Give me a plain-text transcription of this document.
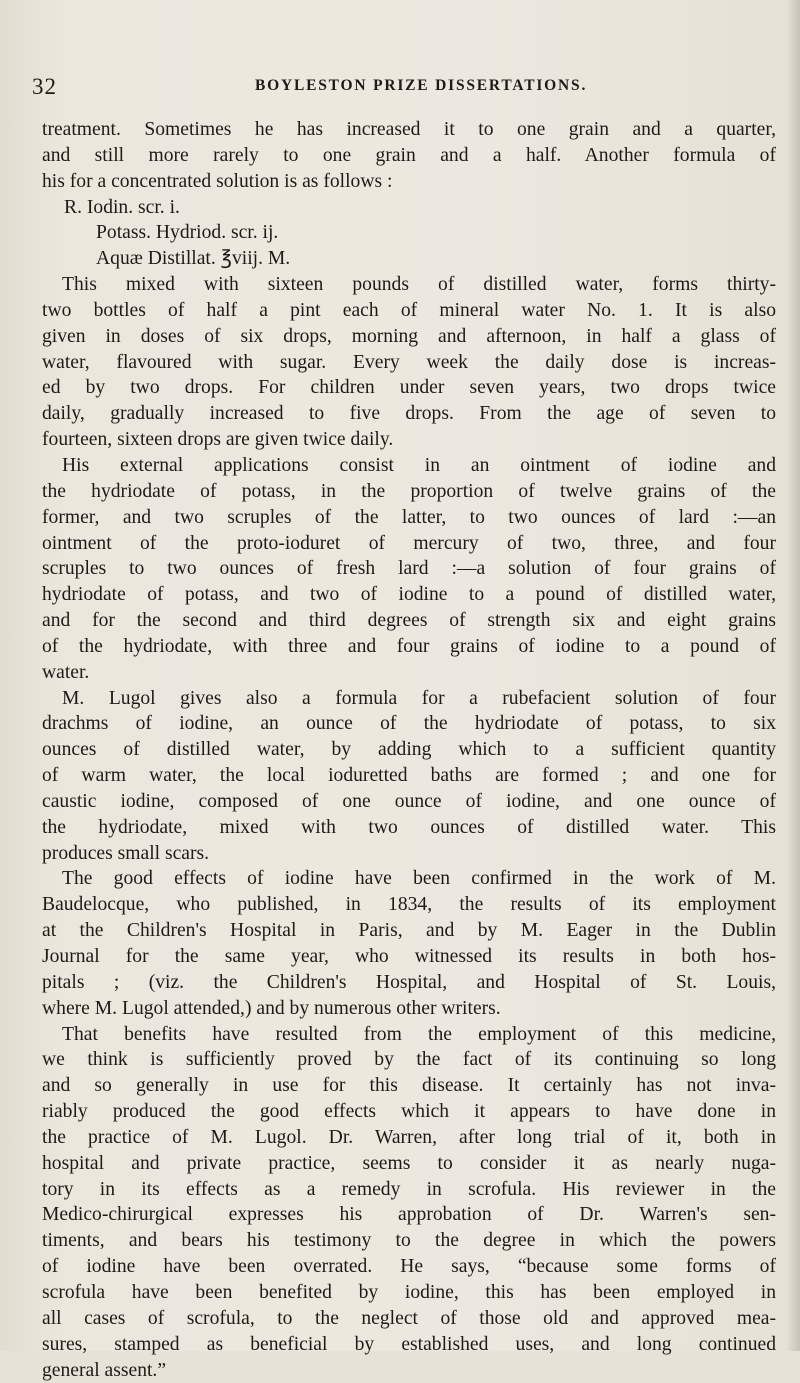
32	BOYLESTON PRIZE DISSERTATIONS.
treatment. Sometimes he has increased it to one grain and a quarter,
and still more rarely to one grain and a half. Another formula of
his for a concentrated solution is as follows :
R. Iodin. scr. i.
Potass. Hydriod. scr. ij.
Aquæ Distillat. ℥viij. M.
This mixed with sixteen pounds of distilled water, forms thirty-
two bottles of half a pint each of mineral water No. 1. It is also
given in doses of six drops, morning and afternoon, in half a glass of
water, flavoured with sugar. Every week the daily dose is increas-
ed by two drops. For children under seven years, two drops twice
daily, gradually increased to five drops. From the age of seven to
fourteen, sixteen drops are given twice daily.
His external applications consist in an ointment of iodine and
the hydriodate of potass, in the proportion of twelve grains of the
former, and two scruples of the latter, to two ounces of lard :—an
ointment of the proto-ioduret of mercury of two, three, and four
scruples to two ounces of fresh lard :—a solution of four grains of
hydriodate of potass, and two of iodine to a pound of distilled water,
and for the second and third degrees of strength six and eight grains
of the hydriodate, with three and four grains of iodine to a pound of
water.
M. Lugol gives also a formula for a rubefacient solution of four
drachms of iodine, an ounce of the hydriodate of potass, to six
ounces of distilled water, by adding which to a sufficient quantity
of warm water, the local ioduretted baths are formed ; and one for
caustic iodine, composed of one ounce of iodine, and one ounce of
the hydriodate, mixed with two ounces of distilled water. This
produces small scars.
The good effects of iodine have been confirmed in the work of M.
Baudelocque, who published, in 1834, the results of its employment
at the Children's Hospital in Paris, and by M. Eager in the Dublin
Journal for the same year, who witnessed its results in both hos-
pitals ; (viz. the Children's Hospital, and Hospital of St. Louis,
where M. Lugol attended,) and by numerous other writers.
That benefits have resulted from the employment of this medicine,
we think is sufficiently proved by the fact of its continuing so long
and so generally in use for this disease. It certainly has not inva-
riably produced the good effects which it appears to have done in
the practice of M. Lugol. Dr. Warren, after long trial of it, both in
hospital and private practice, seems to consider it as nearly nuga-
tory in its effects as a remedy in scrofula. His reviewer in the
Medico-chirurgical expresses his approbation of Dr. Warren's sen-
timents, and bears his testimony to the degree in which the powers
of iodine have been overrated. He says, “because some forms of
scrofula have been benefited by iodine, this has been employed in
all cases of scrofula, to the neglect of those old and approved mea-
sures, stamped as beneficial by established uses, and long continued
general assent.”
